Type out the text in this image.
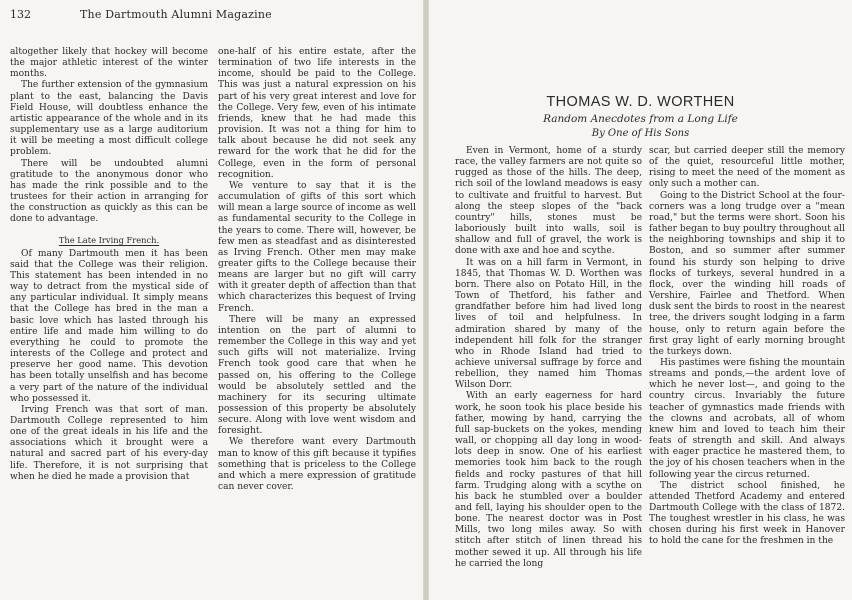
132	The Dartmouth Alumni Magazine

altogether likely that hockey will become the major athletic interest of the winter months.

The further extension of the gymnasium plant to the east, balancing the Davis Field House, will doubtless enhance the artistic appearance of the whole and in its supplementary use as a large auditorium it will be meeting a most difficult college problem.

There will be undoubted alumni gratitude to the anonymous donor who has made the rink possible and to the trustees for their action in arranging for the construction as quickly as this can be done to advantage.

The Late Irving French.

Of many Dartmouth men it has been said that the College was their religion. This statement has been intended in no way to detract from the mystical side of any particular individual. It simply means that the College has bred in the man a basic love which has lasted through his entire life and made him willing to do everything he could to promote the interests of the College and protect and preserve her good name. This devotion has been totally unselfish and has become a very part of the nature of the individual who possessed it.

Irving French was that sort of man. Dartmouth College represented to him one of the great ideals in his life and the associations which it brought were a natural and sacred part of his every-day life. Therefore, it is not surprising that when he died he made a provision that

one-half of his entire estate, after the termination of two life interests in the income, should be paid to the College. This was just a natural expression on his part of his very great interest and love for the College. Very few, even of his intimate friends, knew that he had made this provision. It was not a thing for him to talk about because he did not seek any reward for the work that he did for the College, even in the form of personal recognition.

We venture to say that it is the accumulation of gifts of this sort which will mean a large source of income as well as fundamental security to the College in the years to come. There will, however, be few men as steadfast and as disinterested as Irving French. Other men may make greater gifts to the College because their means are larger but no gift will carry with it greater depth of affection than that which characterizes this bequest of Irving French.

There will be many an expressed intention on the part of alumni to remember the College in this way and yet such gifts will not materialize. Irving French took good care that when he passed on, his offering to the College would be absolutely settled and the machinery for its securing ultimate possession of this property be absolutely secure. Along with love went wisdom and foresight.

We therefore want every Dartmouth man to know of this gift because it typifies something that is priceless to the College and which a mere expression of gratitude can never cover.

THOMAS W. D. WORTHEN
Random Anecdotes from a Long Life
By One of His Sons

Even in Vermont, home of a sturdy race, the valley farmers are not quite so rugged as those of the hills. The deep, rich soil of the lowland meadows is easy to cultivate and fruitful to harvest. But along the steep slopes of the "back country" hills, stones must be laboriously built into walls, soil is shallow and full of gravel, the work is done with axe and hoe and scythe.

It was on a hill farm in Vermont, in 1845, that Thomas W. D. Worthen was born. There also on Potato Hill, in the Town of Thetford, his father and grandfather before him had lived long lives of toil and helpfulness. In admiration shared by many of the independent hill folk for the stranger who in Rhode Island had tried to achieve universal suffrage by force and rebellion, they named him Thomas Wilson Dorr.

With an early eagerness for hard work, he soon took his place beside his father, mowing by hand, carrying the full sap-buckets on the yokes, mending wall, or chopping all day long in wood-lots deep in snow. One of his earliest memories took him back to the rough fields and rocky pastures of that hill farm. Trudging along with a scythe on his back he stumbled over a boulder and fell, laying his shoulder open to the bone. The nearest doctor was in Post Mills, two long miles away. So with stitch after stitch of linen thread his mother sewed it up. All through his life he carried the long

scar, but carried deeper still the memory of the quiet, resourceful little mother, rising to meet the need of the moment as only such a mother can.

Going to the District School at the four-corners was a long trudge over a "mean road," but the terms were short. Soon his father began to buy poultry throughout all the neighboring townships and ship it to Boston, and so summer after summer found his sturdy son helping to drive flocks of turkeys, several hundred in a flock, over the winding hill roads of Vershire, Fairlee and Thetford. When dusk sent the birds to roost in the nearest tree, the drivers sought lodging in a farm house, only to return again before the first gray light of early morning brought the turkeys down.

His pastimes were fishing the mountain streams and ponds,—the ardent love of which he never lost—, and going to the country circus. Invariably the future teacher of gymnastics made friends with the clowns and acrobats, all of whom knew him and loved to teach him their feats of strength and skill. And always with eager practice he mastered them, to the joy of his chosen teachers when in the following year the circus returned.

The district school finished, he attended Thetford Academy and entered Dartmouth College with the class of 1872. The toughest wrestler in his class, he was chosen during his first week in Hanover to hold the cane for the freshmen in the
